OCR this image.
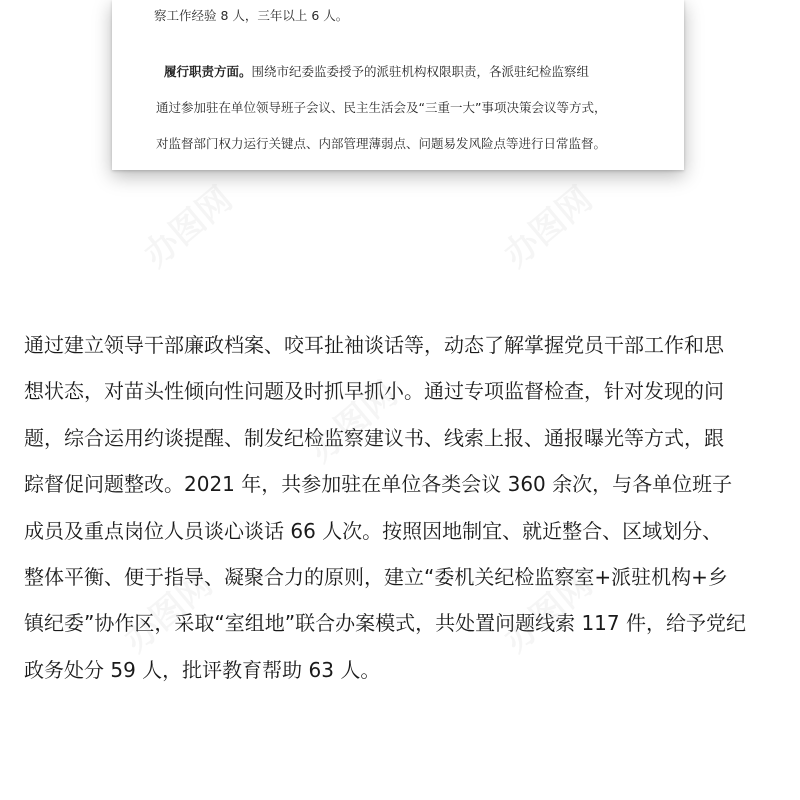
察工作经验 8 人，三年以上 6 人。

履行职责方面。围绕市纪委监委授予的派驻机构权限职责，各派驻纪检监察组

通过参加驻在单位领导班子会议、民主生活会及“三重一大”事项决策会议等方式，

对监督部门权力运行关键点、内部管理薄弱点、问题易发风险点等进行日常监督。

通过建立领导干部廉政档案、咬耳扯袖谈话等，动态了解掌握党员干部工作和思
想状态，对苗头性倾向性问题及时抓早抓小。通过专项监督检查，针对发现的问
题，综合运用约谈提醒、制发纪检监察建议书、线索上报、通报曝光等方式，跟
踪督促问题整改。2021 年，共参加驻在单位各类会议 360 余次，与各单位班子
成员及重点岗位人员谈心谈话 66 人次。按照因地制宜、就近整合、区域划分、
整体平衡、便于指导、凝聚合力的原则，建立“委机关纪检监察室+派驻机构+乡
镇纪委”协作区，采取“室组地”联合办案模式，共处置问题线索 117 件，给予党纪
政务处分 59 人，批评教育帮助 63 人。
办图网	办图网
办图网
办图网	办图网
